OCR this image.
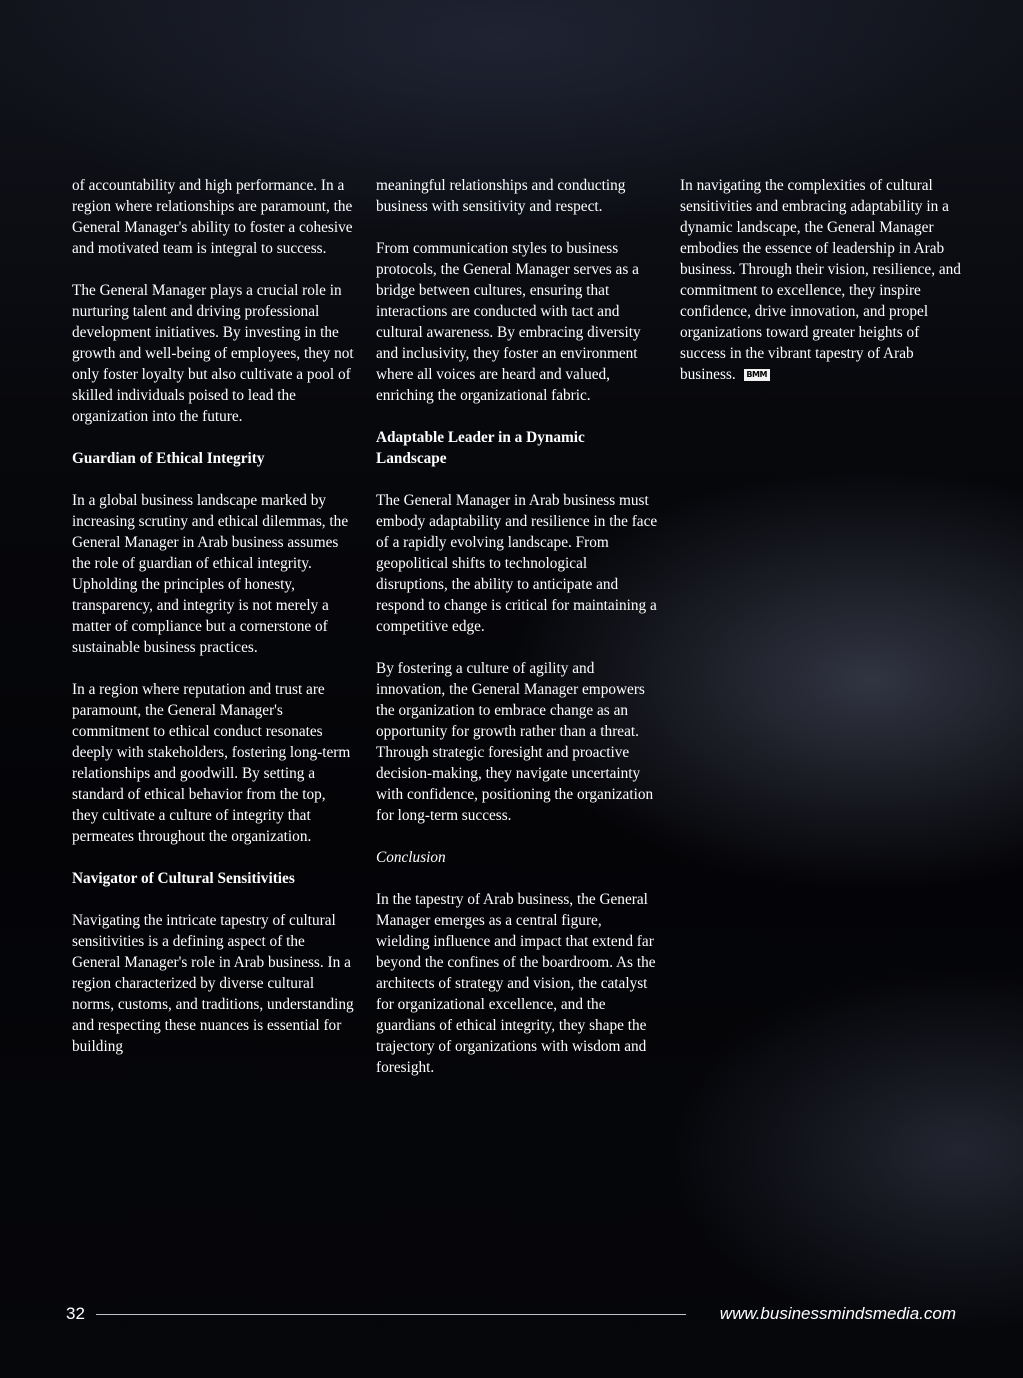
of accountability and high performance. In a region where relationships are paramount, the General Manager's ability to foster a cohesive and motivated team is integral to success.

The General Manager plays a crucial role in nurturing talent and driving professional development initiatives. By investing in the growth and well-being of employees, they not only foster loyalty but also cultivate a pool of skilled individuals poised to lead the organization into the future.

Guardian of Ethical Integrity

In a global business landscape marked by increasing scrutiny and ethical dilemmas, the General Manager in Arab business assumes the role of guardian of ethical integrity. Upholding the principles of honesty, transparency, and integrity is not merely a matter of compliance but a cornerstone of sustainable business practices.

In a region where reputation and trust are paramount, the General Manager's commitment to ethical conduct resonates deeply with stakeholders, fostering long-term relationships and goodwill. By setting a standard of ethical behavior from the top, they cultivate a culture of integrity that permeates throughout the organization.

Navigator of Cultural Sensitivities

Navigating the intricate tapestry of cultural sensitivities is a defining aspect of the General Manager's role in Arab business. In a region characterized by diverse cultural norms, customs, and traditions, understanding and respecting these nuances is essential for building

meaningful relationships and conducting business with sensitivity and respect.

From communication styles to business protocols, the General Manager serves as a bridge between cultures, ensuring that interactions are conducted with tact and cultural awareness. By embracing diversity and inclusivity, they foster an environment where all voices are heard and valued, enriching the organizational fabric.

Adaptable Leader in a Dynamic Landscape

The General Manager in Arab business must embody adaptability and resilience in the face of a rapidly evolving landscape. From geopolitical shifts to technological disruptions, the ability to anticipate and respond to change is critical for maintaining a competitive edge.

By fostering a culture of agility and innovation, the General Manager empowers the organization to embrace change as an opportunity for growth rather than a threat. Through strategic foresight and proactive decision-making, they navigate uncertainty with confidence, positioning the organization for long-term success.

Conclusion

In the tapestry of Arab business, the General Manager emerges as a central figure, wielding influence and impact that extend far beyond the confines of the boardroom. As the architects of strategy and vision, the catalyst for organizational excellence, and the guardians of ethical integrity, they shape the trajectory of organizations with wisdom and foresight.

In navigating the complexities of cultural sensitivities and embracing adaptability in a dynamic landscape, the General Manager embodies the essence of leadership in Arab business. Through their vision, resilience, and commitment to excellence, they inspire confidence, drive innovation, and propel organizations toward greater heights of success in the vibrant tapestry of Arab business. BMM

32	www.businessmindsmedia.com
